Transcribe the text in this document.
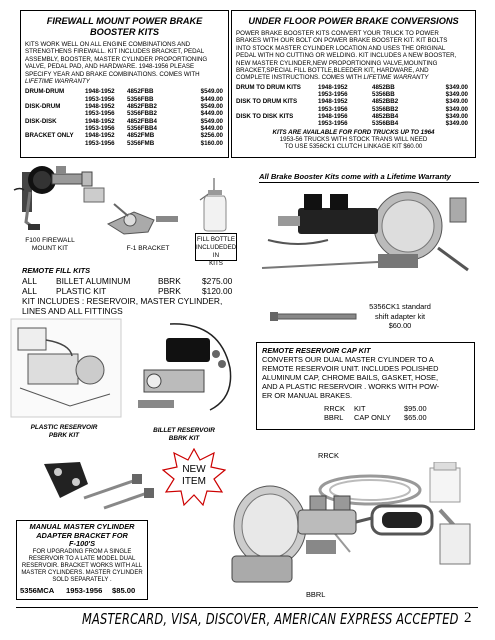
FIREWALL MOUNT POWER BRAKE
BOOSTER KITS
KITS WORK WELL ON ALL ENGINE COMBINATIONS AND
STRENGTHENS FIREWALL. KIT INCLUDES BRACKET, PEDAL
ASSEMBLY, BOOSTER, MASTER CYLINDER PROPORTIONING
VALVE, PEDAL PAD, AND HARDWARE. 1948-1956 PLEASE
SPECIFY YEAR AND BRAKE COMBINATIONS. COMES WITH
LIFETIME WARRANTY
DRUM-DRUM	1948-1952	4852FBB	$549.00
1953-1956	5356FBB	$449.00
DISK-DRUM	1948-1952	4852FBB2	$549.00
1953-1956	5356FBB2	$449.00
DISK-DISK	1948-1952	4852FBB4	$549.00
1953-1956	5356FBB4	$449.00
BRACKET ONLY	1948-1952	4852FMB	$256.00
1953-1956	5356FMB	$160.00
UNDER FLOOR POWER BRAKE CONVERSIONS
POWER BRAKE BOOSTER KITS CONVERT YOUR TRUCK TO POWER
BRAKES WITH OUR BOLT ON POWER BRAKE BOOSTER KIT. KIT BOLTS
INTO STOCK MASTER CYLINDER LOCATION AND USES THE ORIGINAL
PEDAL WITH NO CUTTING OR WELDING. KIT INCLUDES A NEW BOOSTER,
NEW MASTER CYLINDER,NEW PROPORTIONING VALVE,MOUNTING
BRACKET,SPECIAL FILL BOTTLE,BLEEDER KIT, HARDWARE, AND
COMPLETE INSTRUCTIONS. COMES WITH LIFETIME WARRANTY
DRUM TO DRUM KITS	1948-1952	4852BB	$349.00
1953-1956	5356BB	$349.00
DISK TO DRUM KITS	1948-1952	4852BB2	$349.00
1953-1956	5356BB2	$349.00
DISK TO DISK KITS	1948-1956	4852BB4	$349.00
1953-1956	5356BB4	$349.00
KITS ARE AVAILABLE FOR FORD TRUCKS UP TO 1964
1953-56 TRUCKS WITH STOCK TRANS WILL NEED
TO USE 5356CK1 CLUTCH LINKAGE KIT $60.00
All Brake Booster Kits come with a Lifetime Warranty
F100 FIREWALL
MOUNT KIT	F-1 BRACKET
FILL BOTTLE
INCLUDEDED IN
KITS
REMOTE FILL KITS
ALL	BILLET ALUMINUM	BBRK	$275.00
ALL	PLASTIC KIT	PBRK	$120.00
KIT INCLUDES : RESERVOIR, MASTER CYLINDER,
LINES AND ALL FITTINGS	5356CK1 standard
shift adapter kit
$60.00
PLASTIC RESERVOIR
PBRK KIT
BILLET RESERVOIR
BBRK KIT
REMOTE RESERVOIR CAP KIT
CONVERTS OUR DUAL MASTER CYLINDER TO A
REMOTE RESERVOIR UNIT. INCLUDES POLISHED
ALUMINUM CAP, CHROME BAILS, GASKET, HOSE,
AND A PLASTIC RESERVOIR . WORKS WITH POW-
ER OR MANUAL BRAKES.
RRCK	KIT	$95.00
BBRL	CAP ONLY	$65.00
RRCK
NEW
ITEM
BBRL
MANUAL MASTER CYLINDER
ADAPTER BRACKET FOR
F-100'S
FOR UPGRADING FROM A SINGLE
RESERVOIR TO A LATE MODEL DUAL
RESERVOIR. BRACKET WORKS WITH ALL
MASTER CYLINDERS. MASTER CYLINDER
SOLD SEPARATELY .
5356MCA	1953-1956	$85.00
MASTERCARD, VISA, DISCOVER, AMERICAN EXPRESS ACCEPTED 2
